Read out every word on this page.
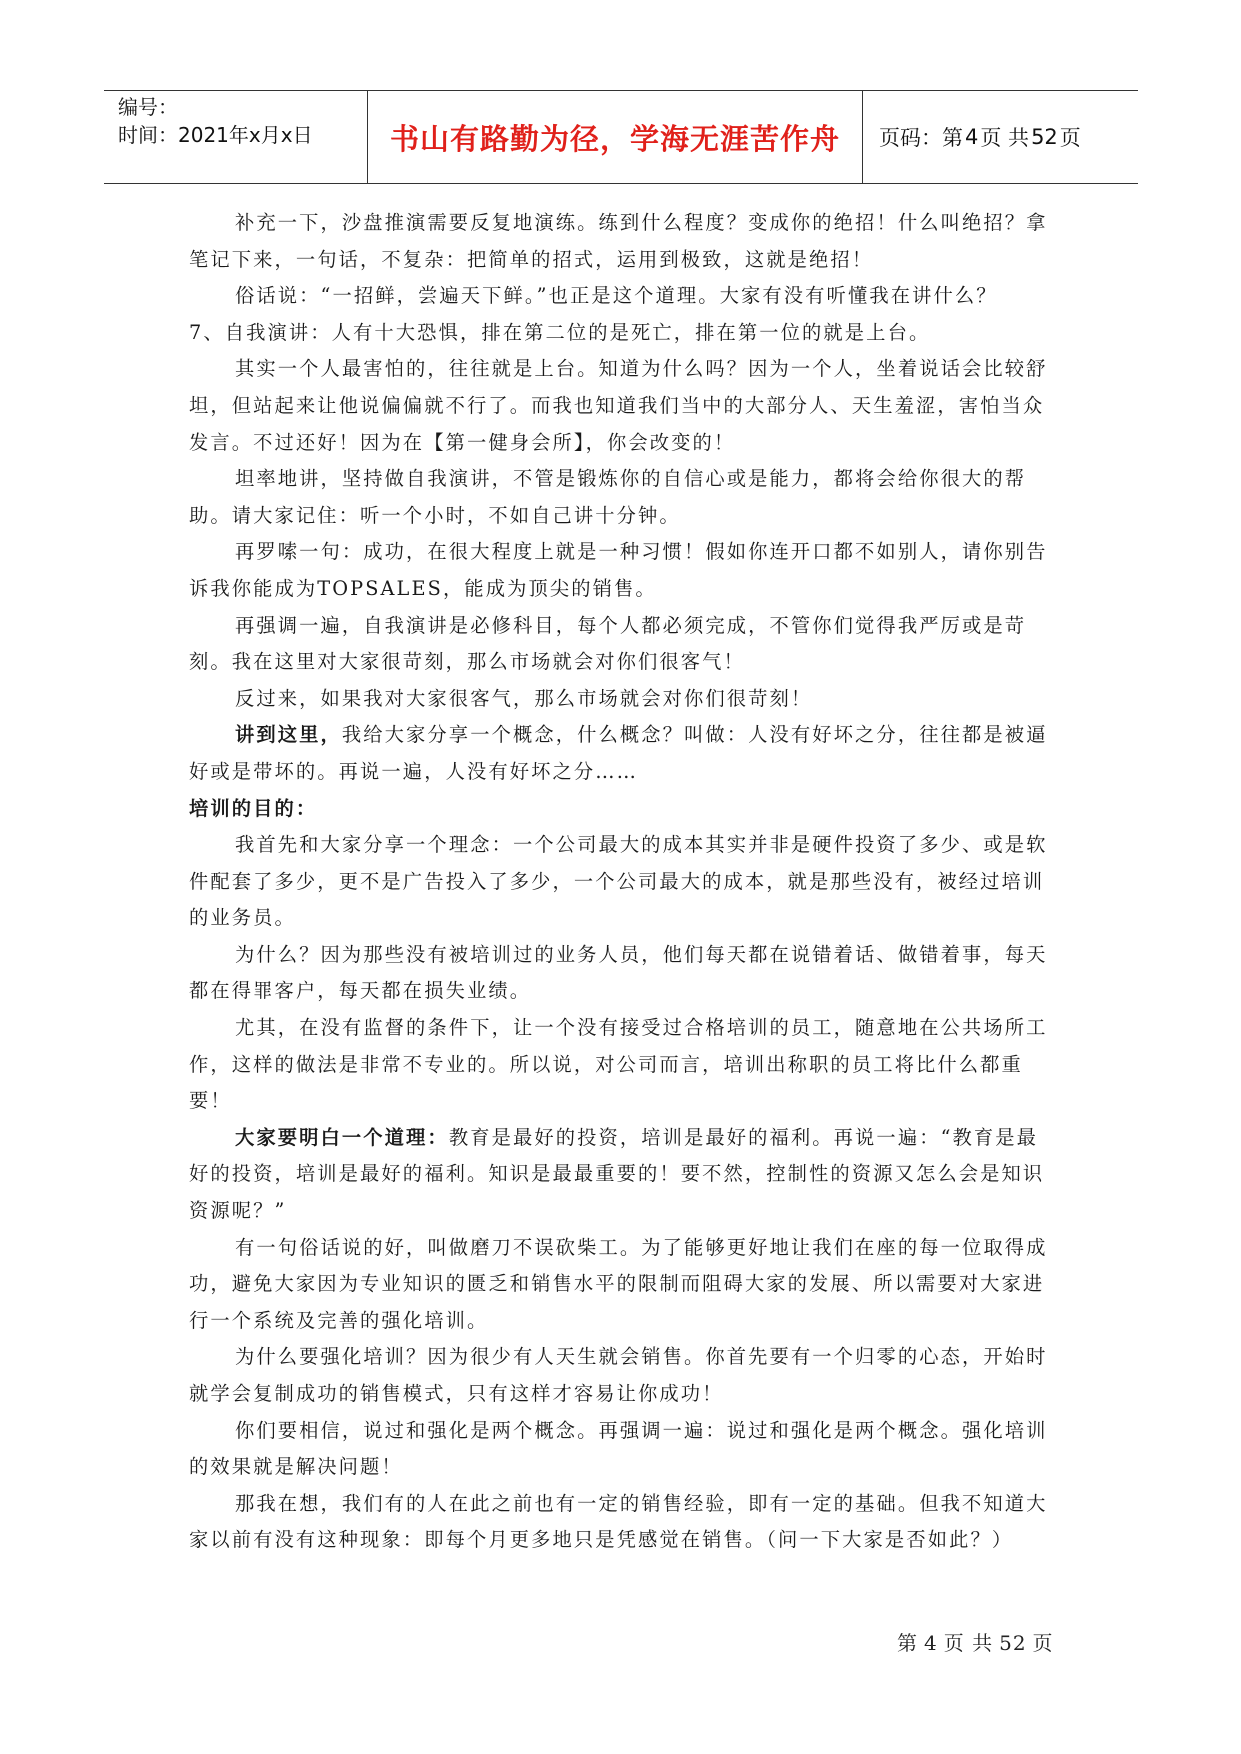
编号：
时间：2021年x月x日	书山有路勤为径，学海无涯苦作舟	页码：第 4 页 共 52 页

补充一下，沙盘推演需要反复地演练。练到什么程度？变成你的绝招！什么叫绝招？拿笔记下来，一句话，不复杂：把简单的招式，运用到极致，这就是绝招！

俗话说：“一招鲜，尝遍天下鲜。”也正是这个道理。大家有没有听懂我在讲什么？

7、自我演讲：人有十大恐惧，排在第二位的是死亡，排在第一位的就是上台。

其实一个人最害怕的，往往就是上台。知道为什么吗？因为一个人，坐着说话会比较舒坦，但站起来让他说偏偏就不行了。而我也知道我们当中的大部分人、天生羞涩，害怕当众发言。不过还好！因为在【第一健身会所】，你会改变的！

坦率地讲，坚持做自我演讲，不管是锻炼你的自信心或是能力，都将会给你很大的帮助。请大家记住：听一个小时，不如自己讲十分钟。

再罗嗦一句：成功，在很大程度上就是一种习惯！假如你连开口都不如别人，请你别告诉我你能成为TOPSALES，能成为顶尖的销售。

再强调一遍，自我演讲是必修科目，每个人都必须完成，不管你们觉得我严厉或是苛刻。我在这里对大家很苛刻，那么市场就会对你们很客气！

反过来，如果我对大家很客气，那么市场就会对你们很苛刻！

讲到这里，我给大家分享一个概念，什么概念？叫做：人没有好坏之分，往往都是被逼好或是带坏的。再说一遍，人没有好坏之分……

培训的目的：

我首先和大家分享一个理念：一个公司最大的成本其实并非是硬件投资了多少、或是软件配套了多少，更不是广告投入了多少，一个公司最大的成本，就是那些没有，被经过培训的业务员。

为什么？因为那些没有被培训过的业务人员，他们每天都在说错着话、做错着事，每天都在得罪客户，每天都在损失业绩。

尤其，在没有监督的条件下，让一个没有接受过合格培训的员工，随意地在公共场所工作，这样的做法是非常不专业的。所以说，对公司而言，培训出称职的员工将比什么都重要！

大家要明白一个道理：教育是最好的投资，培训是最好的福利。再说一遍：“教育是最好的投资，培训是最好的福利。知识是最最重要的！要不然，控制性的资源又怎么会是知识资源呢？”

有一句俗话说的好，叫做磨刀不误砍柴工。为了能够更好地让我们在座的每一位取得成功，避免大家因为专业知识的匮乏和销售水平的限制而阻碍大家的发展、所以需要对大家进行一个系统及完善的强化培训。

为什么要强化培训？因为很少有人天生就会销售。你首先要有一个归零的心态，开始时就学会复制成功的销售模式，只有这样才容易让你成功！

你们要相信，说过和强化是两个概念。再强调一遍：说过和强化是两个概念。强化培训的效果就是解决问题！

那我在想，我们有的人在此之前也有一定的销售经验，即有一定的基础。但我不知道大家以前有没有这种现象：即每个月更多地只是凭感觉在销售。（问一下大家是否如此？）

第 4 页 共 52 页
